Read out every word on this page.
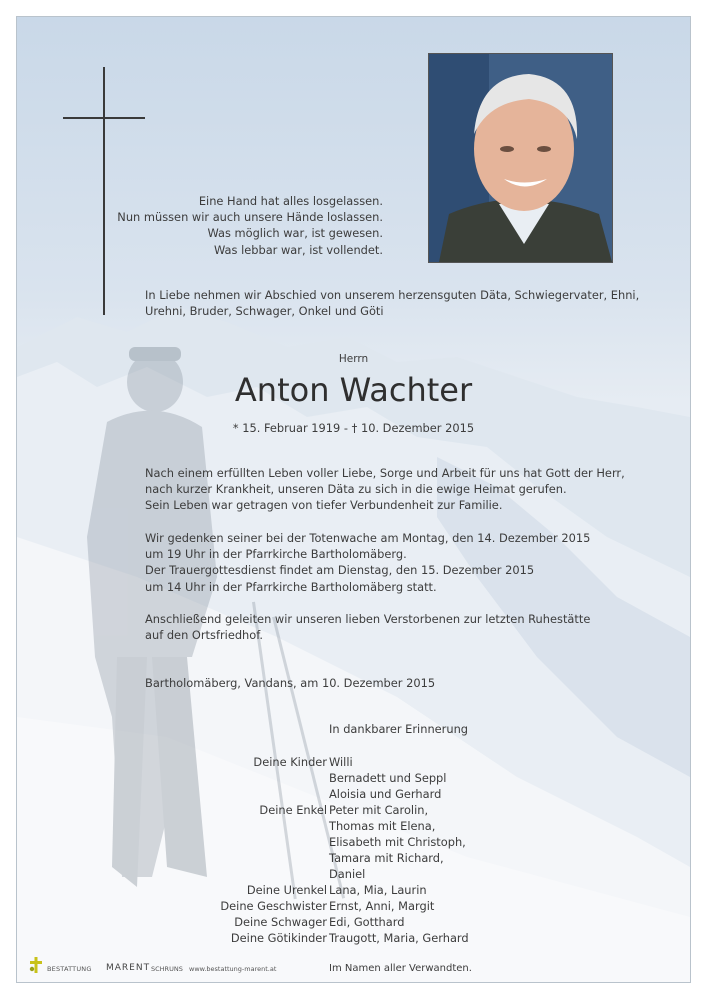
Eine Hand hat alles losgelassen.
Nun müssen wir auch unsere Hände loslassen.
Was möglich war, ist gewesen.
Was lebbar war, ist vollendet.
In Liebe nehmen wir Abschied von unserem herzensguten Däta, Schwiegervater, Ehni, Urehni, Bruder, Schwager, Onkel und Göti
Herrn
Anton Wachter
* 15. Februar 1919 - † 10. Dezember 2015
Nach einem erfüllten Leben voller Liebe, Sorge und Arbeit für uns hat Gott der Herr,
nach kurzer Krankheit, unseren Däta zu sich in die ewige Heimat gerufen.
Sein Leben war getragen von tiefer Verbundenheit zur Familie.
Wir gedenken seiner bei der Totenwache am Montag, den 14. Dezember 2015
um 19 Uhr in der Pfarrkirche Bartholomäberg.
Der Trauergottesdienst findet am Dienstag, den 15. Dezember 2015
um 14 Uhr in der Pfarrkirche Bartholomäberg statt.
Anschließend geleiten wir unseren lieben Verstorbenen zur letzten Ruhestätte
auf den Ortsfriedhof.
Bartholomäberg, Vandans, am 10. Dezember 2015
In dankbarer Erinnerung
Deine Kinder Willi
Bernadett und Seppl
Aloisia und Gerhard
Deine Enkel Peter mit Carolin,
Thomas mit Elena,
Elisabeth mit Christoph,
Tamara mit Richard,
Daniel
Deine Urenkel Lana, Mia, Laurin
Deine Geschwister Ernst, Anni, Margit
Deine Schwager Edi, Gotthard
Deine Götikinder Traugott, Maria, Gerhard
Im Namen aller Verwandten.
BESTATTUNG MARENT SCHRUNS www.bestattung-marent.at
